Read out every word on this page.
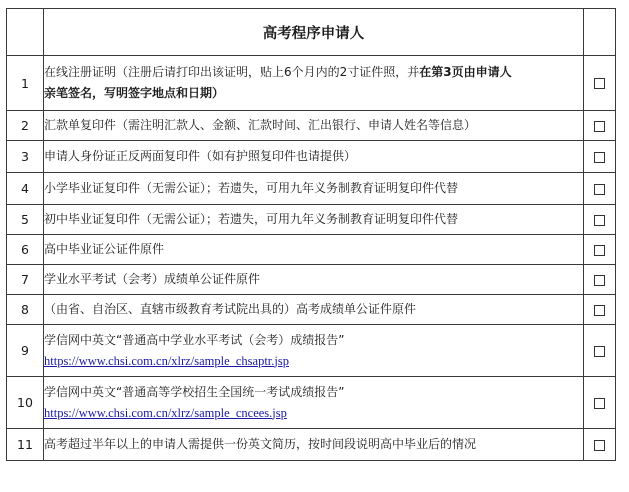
	高考程序申请人	
1	在线注册证明（注册后请打印出该证明，贴上6个月内的2寸证件照，并在第3页由申请人
亲笔签名，写明签字地点和日期）	

2	汇款单复印件（需注明汇款人、金额、汇款时间、汇出银行、申请人姓名等信息）	
3	申请人身份证正反两面复印件（如有护照复印件也请提供）	
4	小学毕业证复印件（无需公证）；若遗失，可用九年义务制教育证明复印件代替	
5	初中毕业证复印件（无需公证）；若遗失，可用九年义务制教育证明复印件代替	
6	高中毕业证公证件原件	
7	学业水平考试（会考）成绩单公证件原件	
8	（由省、自治区、直辖市级教育考试院出具的）高考成绩单公证件原件	
9	学信网中英文“普通高中学业水平考试（会考）成绩报告”
https://www.chsi.com.cn/xlrz/sample_chsaptr.jsp	

10	学信网中英文“普通高等学校招生全国统一考试成绩报告”
https://www.chsi.com.cn/xlrz/sample_cncees.jsp	

11	高考超过半年以上的申请人需提供一份英文简历，按时间段说明高中毕业后的情况	
